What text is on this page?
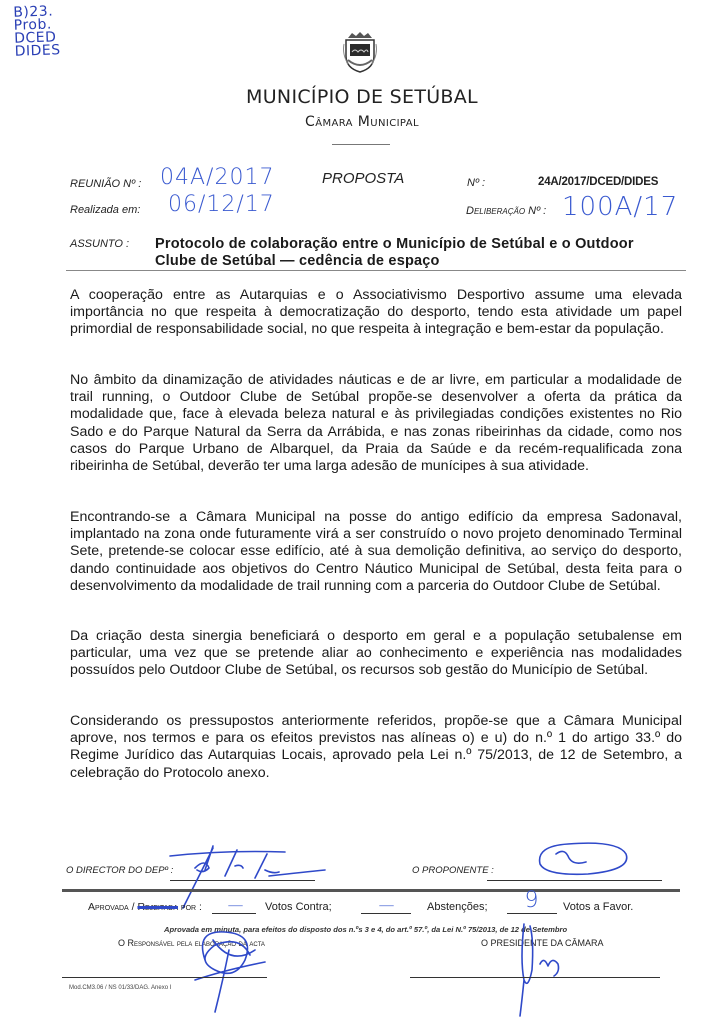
B)23.
Prob.
DCED
DIDES
MUNICÍPIO DE SETÚBAL
Câmara Municipal
REUNIÃO Nº : 04A/2017	PROPOSTA	Nº :	24A/2017/DCED/DIDES
Realizada em: 06/12/17	Deliberação Nº : 100A/17
ASSUNTO : Protocolo de colaboração entre o Município de Setúbal e o Outdoor Clube de Setúbal — cedência de espaço

A cooperação entre as Autarquias e o Associativismo Desportivo assume uma elevada importância no que respeita à democratização do desporto, tendo esta atividade um papel primordial de responsabilidade social, no que respeita à integração e bem-estar da população.

No âmbito da dinamização de atividades náuticas e de ar livre, em particular a modalidade de trail running, o Outdoor Clube de Setúbal propõe-se desenvolver a oferta da prática da modalidade que, face à elevada beleza natural e às privilegiadas condições existentes no Rio Sado e do Parque Natural da Serra da Arrábida, e nas zonas ribeirinhas da cidade, como nos casos do Parque Urbano de Albarquel, da Praia da Saúde e da recém-requalificada zona ribeirinha de Setúbal, deverão ter uma larga adesão de munícipes à sua atividade.

Encontrando-se a Câmara Municipal na posse do antigo edifício da empresa Sadonaval, implantado na zona onde futuramente virá a ser construído o novo projeto denominado Terminal Sete, pretende-se colocar esse edifício, até à sua demolição definitiva, ao serviço do desporto, dando continuidade aos objetivos do Centro Náutico Municipal de Setúbal, desta feita para o desenvolvimento da modalidade de trail running com a parceria do Outdoor Clube de Setúbal.

Da criação desta sinergia beneficiará o desporto em geral e a população setubalense em particular, uma vez que se pretende aliar ao conhecimento e experiência nas modalidades possuídos pelo Outdoor Clube de Setúbal, os recursos sob gestão do Município de Setúbal.

Considerando os pressupostos anteriormente referidos, propõe-se que a Câmara Municipal aprove, nos termos e para os efeitos previstos nas alíneas o) e u) do n.º 1 do artigo 33.º do Regime Jurídico das Autarquias Locais, aprovado pela Lei n.º 75/2013, de 12 de Setembro, a celebração do Protocolo anexo.

O DIRECTOR DO DEPº :	O PROPONENTE :
Aprovada / Rejeitada por :	—	Votos Contra;	—	Abstenções;	9	Votos a Favor.
Aprovada em minuta, para efeitos do disposto dos n.ºs 3 e 4, do art.º 57.º, da Lei N.º 75/2013, de 12 de Setembro
O Responsável pela elaboração da acta	O PRESIDENTE DA CÂMARA
Mod.CM3.06 / NS 01/33/DAG. Anexo I
